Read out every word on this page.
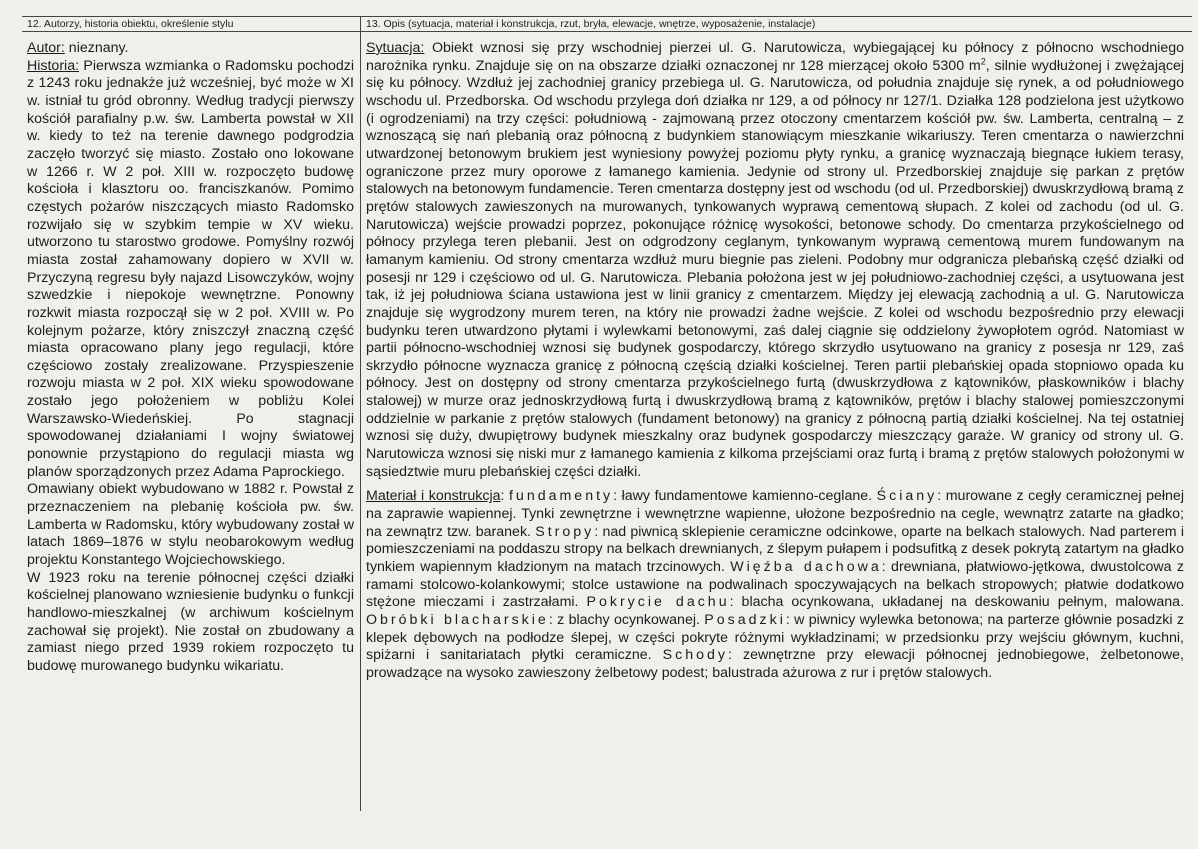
12. Autorzy, historia obiektu, określenie stylu	13. Opis (sytuacja, materiał i konstrukcja, rzut, bryła, elewacje, wnętrze, wyposażenie, instalacje)

Autor: nieznany.

Historia: Pierwsza wzmianka o Radomsku pochodzi z 1243 roku jednakże już wcześniej, być może w XI w. istniał tu gród obronny. Według tradycji pierwszy kościół parafialny p.w. św. Lamberta powstał w XII w. kiedy to też na terenie dawnego podgrodzia zaczęło tworzyć się miasto. Zostało ono lokowane w 1266 r. W 2 poł. XIII w. rozpoczęto budowę kościoła i klasztoru oo. franciszkanów. Pomimo częstych pożarów niszczących miasto Radomsko rozwijało się w szybkim tempie w XV wieku. utworzono tu starostwo grodowe. Pomyślny rozwój miasta został zahamowany dopiero w XVII w. Przyczyną regresu były najazd Lisowczyków, wojny szwedzkie i niepokoje wewnętrzne. Ponowny rozkwit miasta rozpoczął się w 2 poł. XVIII w. Po kolejnym pożarze, który zniszczył znaczną część miasta opracowano plany jego regulacji, które częściowo zostały zrealizowane. Przyspieszenie rozwoju miasta w 2 poł. XIX wieku spowodowane zostało jego położeniem w pobliżu Kolei Warszawsko-Wiedeńskiej. Po stagnacji spowodowanej działaniami I wojny światowej ponownie przystąpiono do regulacji miasta wg planów sporządzonych przez Adama Paprockiego.

Omawiany obiekt wybudowano w 1882 r. Powstał z przeznaczeniem na plebanię kościoła pw. św. Lamberta w Radomsku, który wybudowany został w latach 1869–1876 w stylu neobarokowym według projektu Konstantego Wojciechowskiego.

W 1923 roku na terenie północnej części działki kościelnej planowano wzniesienie budynku o funkcji handlowo-mieszkalnej (w archiwum kościelnym zachował się projekt). Nie został on zbudowany a zamiast niego przed 1939 rokiem rozpoczęto tu budowę murowanego budynku wikariatu.

Sytuacja: Obiekt wznosi się przy wschodniej pierzei ul. G. Narutowicza, wybiegającej ku północy z północno wschodniego narożnika rynku. Znajduje się on na obszarze działki oznaczonej nr 128 mierzącej około 5300 $m^2$, silnie wydłużonej i zwężającej się ku północy. Wzdłuż jej zachodniej granicy przebiega ul. G. Narutowicza, od południa znajduje się rynek, a od południowego wschodu ul. Przedborska. Od wschodu przylega doń działka nr 129, a od północy nr 127/1. Działka 128 podzielona jest użytkowo (i ogrodzeniami) na trzy części: południową - zajmowaną przez otoczony cmentarzem kościół pw. św. Lamberta, centralną – z wznoszącą się nań plebanią oraz północną z budynkiem stanowiącym mieszkanie wikariuszy. Teren cmentarza o nawierzchni utwardzonej betonowym brukiem jest wyniesiony powyżej poziomu płyty rynku, a granicę wyznaczają biegnące łukiem terasy, ograniczone przez mury oporowe z łamanego kamienia. Jedynie od strony ul. Przedborskiej znajduje się parkan z prętów stalowych na betonowym fundamencie. Teren cmentarza dostępny jest od wschodu (od ul. Przedborskiej) dwuskrzydłową bramą z prętów stalowych zawieszonych na murowanych, tynkowanych wyprawą cementową słupach. Z kolei od zachodu (od ul. G. Narutowicza) wejście prowadzi poprzez, pokonujące różnicę wysokości, betonowe schody. Do cmentarza przykościelnego od północy przylega teren plebanii. Jest on odgrodzony ceglanym, tynkowanym wyprawą cementową murem fundowanym na łamanym kamieniu. Od strony cmentarza wzdłuż muru biegnie pas zieleni. Podobny mur odgranicza plebańską część działki od posesji nr 129 i częściowo od ul. G. Narutowicza. Plebania położona jest w jej południowo-zachodniej części, a usytuowana jest tak, iż jej południowa ściana ustawiona jest w linii granicy z cmentarzem. Między jej elewacją zachodnią a ul. G. Narutowicza znajduje się wygrodzony murem teren, na który nie prowadzi żadne wejście. Z kolei od wschodu bezpośrednio przy elewacji budynku teren utwardzono płytami i wylewkami betonowymi, zaś dalej ciągnie się oddzielony żywopłotem ogród. Natomiast w partii północno-wschodniej wznosi się budynek gospodarczy, którego skrzydło usytuowano na granicy z posesja nr 129, zaś skrzydło północne wyznacza granicę z północną częścią działki kościelnej. Teren partii plebańskiej opada stopniowo opada ku północy. Jest on dostępny od strony cmentarza przykościelnego furtą (dwuskrzydłowa z kątowników, płaskowników i blachy stalowej) w murze oraz jednoskrzydłową furtą i dwuskrzydłową bramą z kątowników, prętów i blachy stalowej pomieszczonymi oddzielnie w parkanie z prętów stalowych (fundament betonowy) na granicy z północną partią działki kościelnej. Na tej ostatniej wznosi się duży, dwupiętrowy budynek mieszkalny oraz budynek gospodarczy mieszczący garaże. W granicy od strony ul. G. Narutowicza wznosi się niski mur z łamanego kamienia z kilkoma przejściami oraz furtą i bramą z prętów stalowych położonymi w sąsiedztwie muru plebańskiej części działki.

Materiał i konstrukcja: fundamenty: ławy fundamentowe kamienno-ceglane. Ściany: murowane z cegły ceramicznej pełnej na zaprawie wapiennej. Tynki zewnętrzne i wewnętrzne wapienne, ułożone bezpośrednio na cegle, wewnątrz zatarte na gładko; na zewnątrz tzw. baranek. Stropy: nad piwnicą sklepienie ceramiczne odcinkowe, oparte na belkach stalowych. Nad parterem i pomieszczeniami na poddaszu stropy na belkach drewnianych, z ślepym pułapem i podsufitką z desek pokrytą zatartym na gładko tynkiem wapiennym kładzionym na matach trzcinowych. Więźba dachowa: drewniana, płatwiowo-jętkowa, dwustolcowa z ramami stolcowo-kolankowymi; stolce ustawione na podwalinach spoczywających na belkach stropowych; płatwie dodatkowo stężone mieczami i zastrzałami. Pokrycie dachu: blacha ocynkowana, układanej na deskowaniu pełnym, malowana. Obróbki blacharskie: z blachy ocynkowanej. Posadzki: w piwnicy wylewka betonowa; na parterze głównie posadzki z klepek dębowych na podłodze ślepej, w części pokryte różnymi wykładzinami; w przedsionku przy wejściu głównym, kuchni, spiżarni i sanitariatach płytki ceramiczne. Schody: zewnętrzne przy elewacji północnej jednobiegowe, żelbetonowe, prowadzące na wysoko zawieszony żelbetowy podest; balustrada ażurowa z rur i prętów stalowych.
